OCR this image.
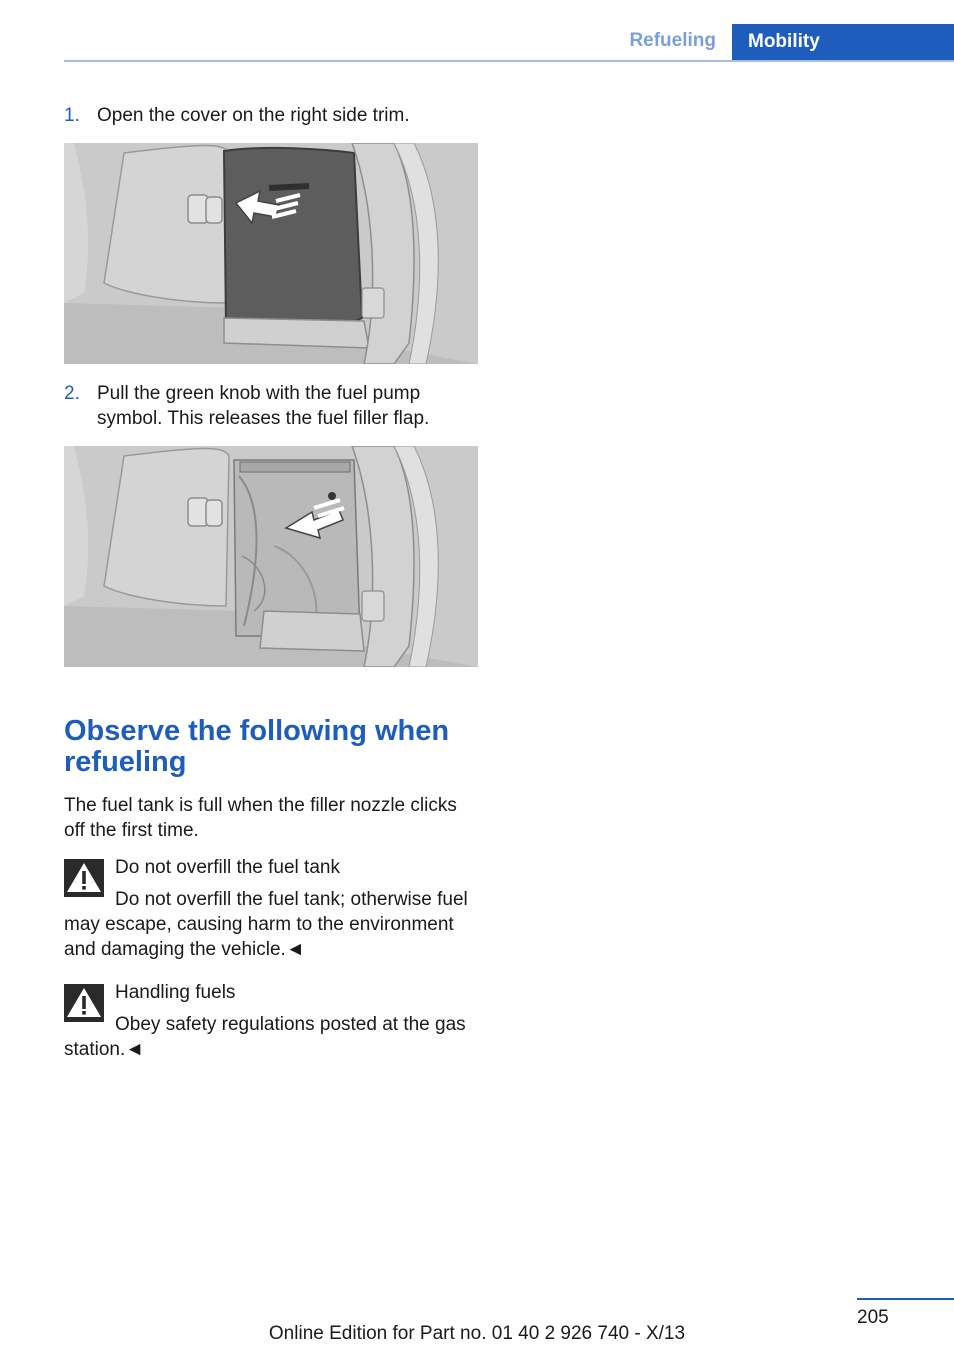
Refueling	Mobility
1. Open the cover on the right side trim.
2. Pull the green knob with the fuel pump symbol. This releases the fuel filler flap.
Observe the following when refueling

The fuel tank is full when the filler nozzle clicks off the first time.

Do not overfill the fuel tank

Do not overfill the fuel tank; otherwise fuel may escape, causing harm to the environment and damaging the vehicle.◄

Handling fuels

Obey safety regulations posted at the gas station.◄

205
Online Edition for Part no. 01 40 2 926 740 - X/13
